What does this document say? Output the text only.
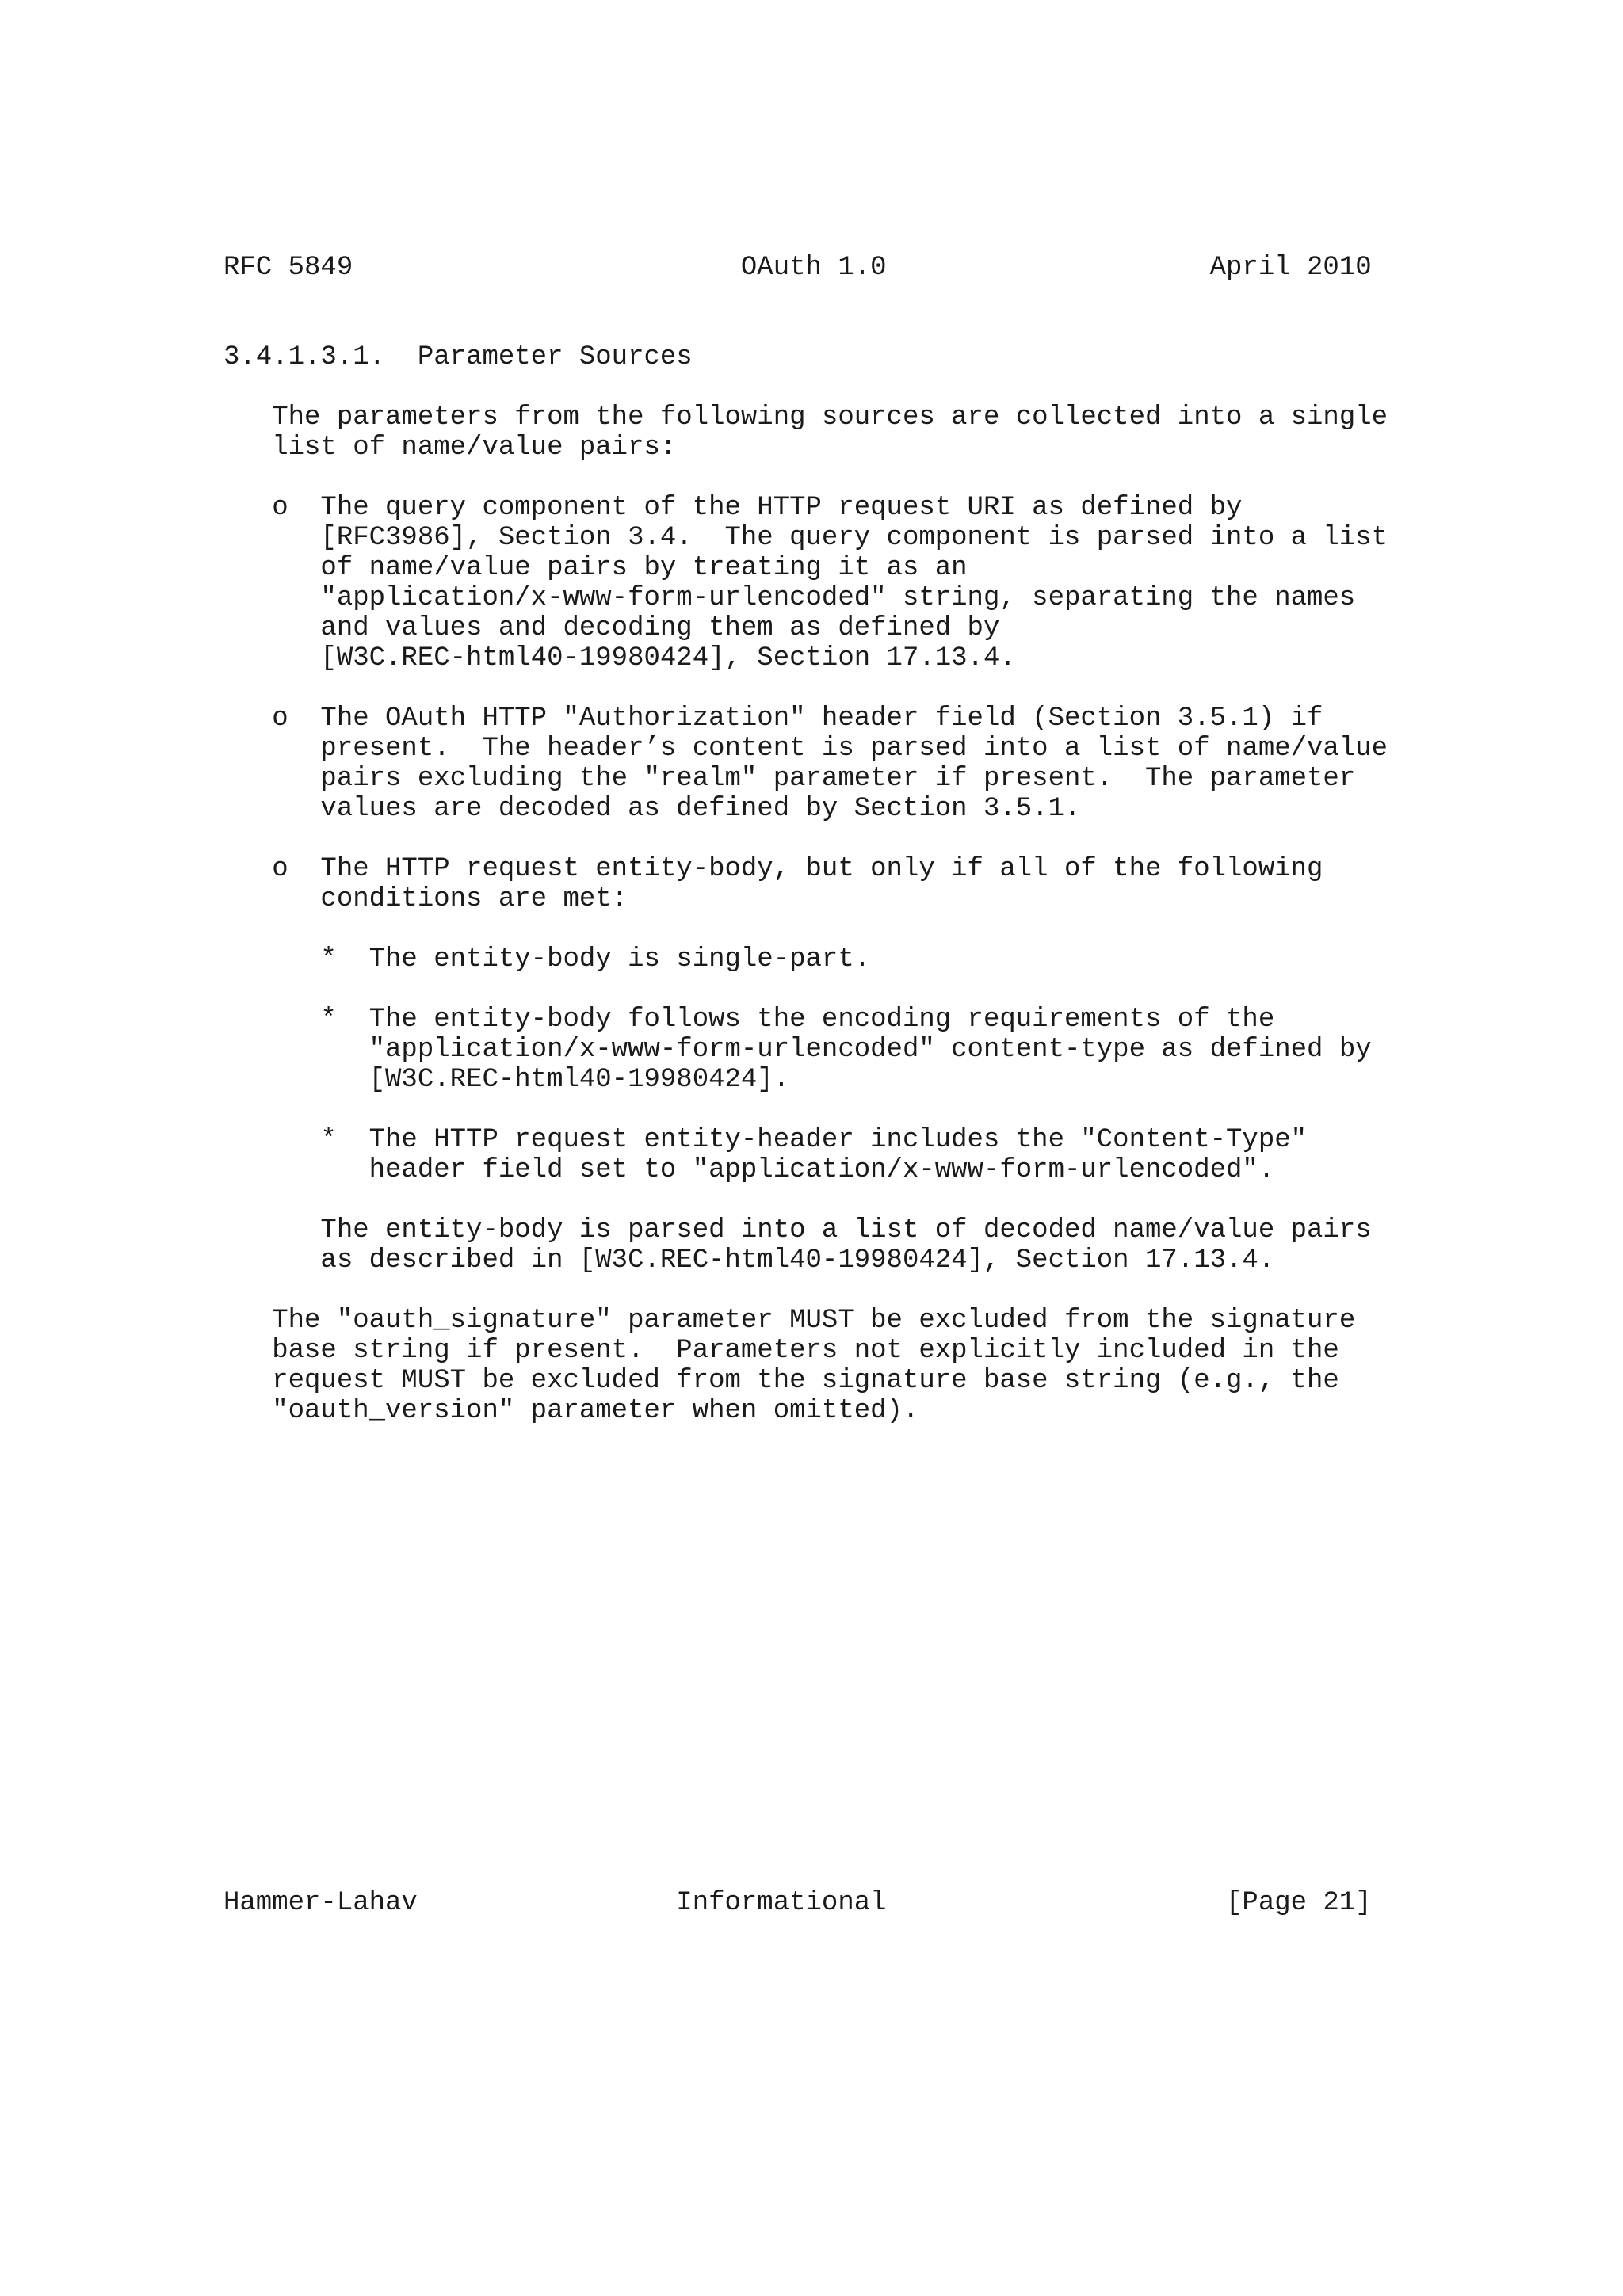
RFC 5849                        OAuth 1.0                    April 2010
3.4.1.3.1.  Parameter Sources
The parameters from the following sources are collected into a single
list of name/value pairs:
o  The query component of the HTTP request URI as defined by
[RFC3986], Section 3.4.  The query component is parsed into a list
of name/value pairs by treating it as an
"application/x-www-form-urlencoded" string, separating the names
and values and decoding them as defined by
[W3C.REC-html40-19980424], Section 17.13.4.
o  The OAuth HTTP "Authorization" header field (Section 3.5.1) if
present.  The header’s content is parsed into a list of name/value
pairs excluding the "realm" parameter if present.  The parameter
values are decoded as defined by Section 3.5.1.
o  The HTTP request entity-body, but only if all of the following
conditions are met:
*  The entity-body is single-part.
*  The entity-body follows the encoding requirements of the
"application/x-www-form-urlencoded" content-type as defined by
[W3C.REC-html40-19980424].
*  The HTTP request entity-header includes the "Content-Type"
header field set to "application/x-www-form-urlencoded".
The entity-body is parsed into a list of decoded name/value pairs
as described in [W3C.REC-html40-19980424], Section 17.13.4.
The "oauth_signature" parameter MUST be excluded from the signature
base string if present.  Parameters not explicitly included in the
request MUST be excluded from the signature base string (e.g., the
"oauth_version" parameter when omitted).
Hammer-Lahav                Informational                     [Page 21]
